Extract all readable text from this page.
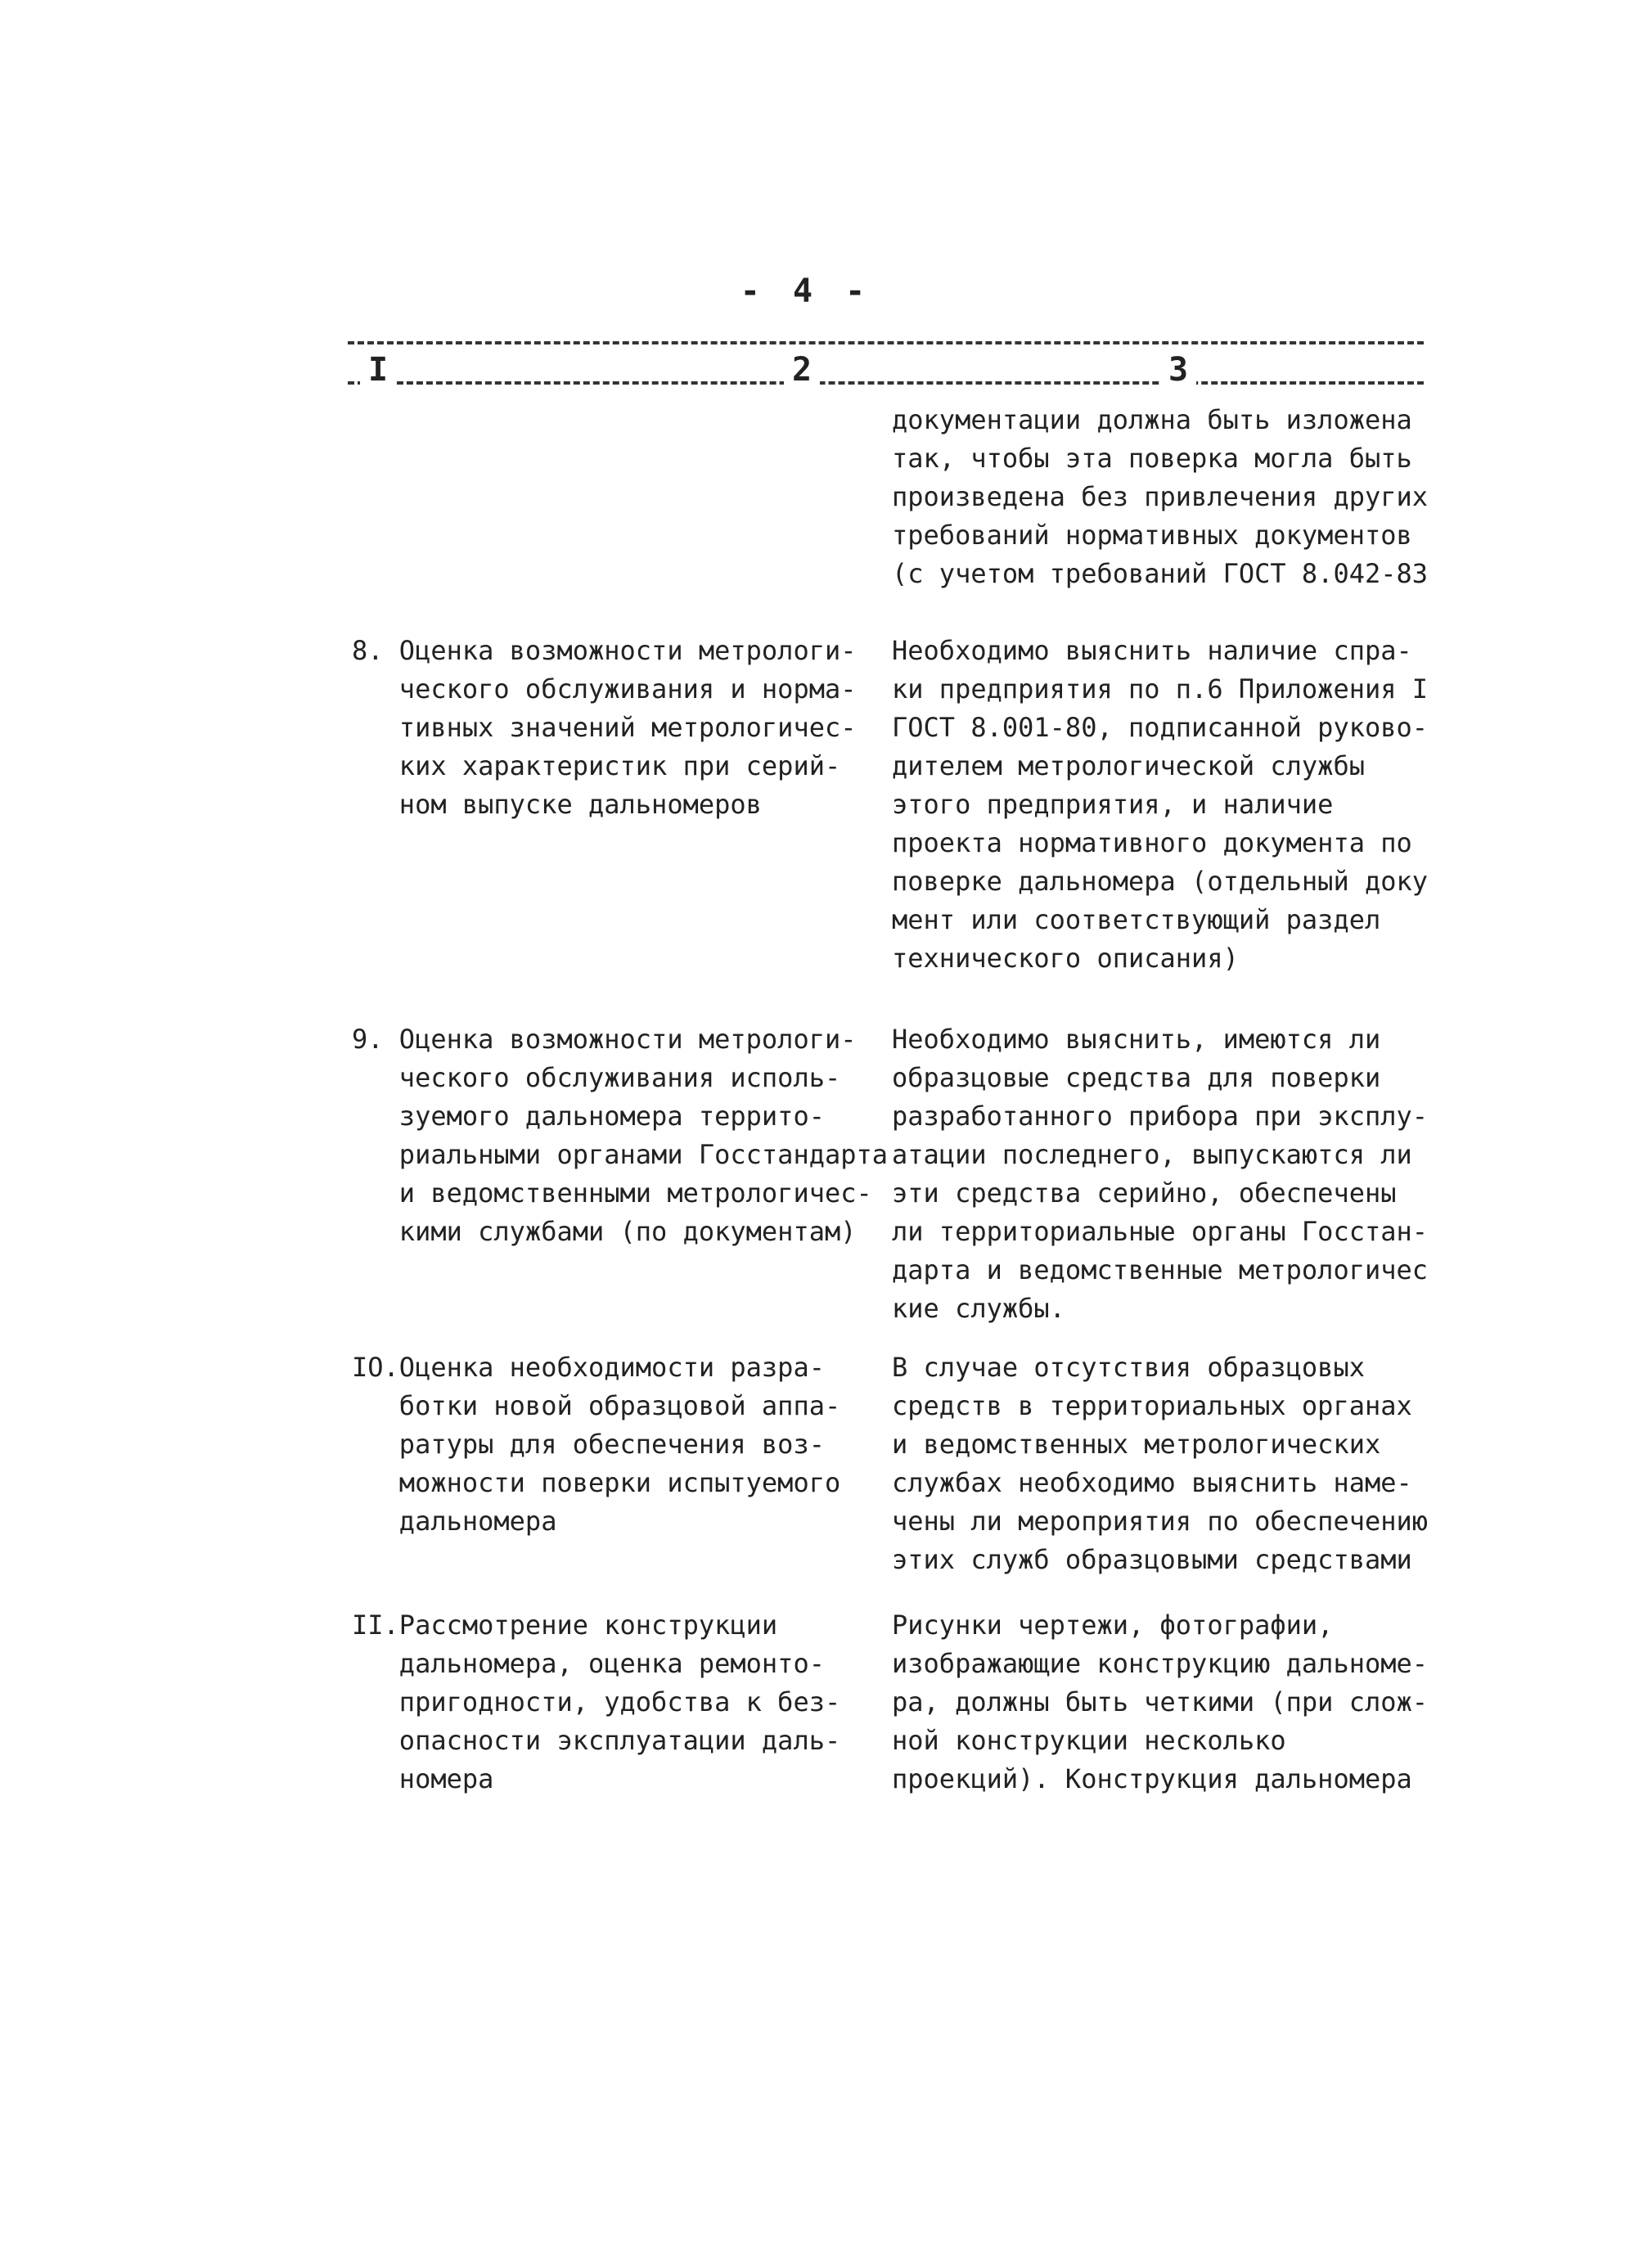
- 4 -
I	2	3
документации должна быть изложена
так, чтобы эта поверка могла быть
произведена без привлечения других
требований нормативных документов
(с учетом требований ГОСТ 8.042-83
8. Оценка возможности метрологи-
ческого обслуживания и норма-
тивных значений метрологичес-
ких характеристик при серий-
ном выпуске дальномеров
Необходимо выяснить наличие спра-
ки предприятия по п.6 Приложения I
ГОСТ 8.001-80, подписанной руково-
дителем метрологической службы
этого предприятия, и наличие
проекта нормативного документа по
поверке дальномера (отдельный доку
мент или соответствующий раздел
технического описания)
9. Оценка возможности метрологи-
ческого обслуживания исполь-
зуемого дальномера террито-
риальными органами Госстандарта
и ведомственными метрологичес-
кими службами (по документам)
Необходимо выяснить, имеются ли
образцовые средства для поверки
разработанного прибора при эксплу-
атации последнего, выпускаются ли
эти средства серийно, обеспечены
ли территориальные органы Госстан-
дарта и ведомственные метрологичес
кие службы.
IO.Оценка необходимости разра-
ботки новой образцовой аппа-
ратуры для обеспечения воз-
можности поверки испытуемого
дальномера
В случае отсутствия образцовых
средств в территориальных органах
и ведомственных метрологических
службах необходимо выяснить наме-
чены ли мероприятия по обеспечению
этих служб образцовыми средствами
II.Рассмотрение конструкции
дальномера, оценка ремонто-
пригодности, удобства к без-
опасности эксплуатации даль-
номера
Рисунки чертежи, фотографии,
изображающие конструкцию дальноме-
ра, должны быть четкими (при слож-
ной конструкции несколько
проекций). Конструкция дальномера
